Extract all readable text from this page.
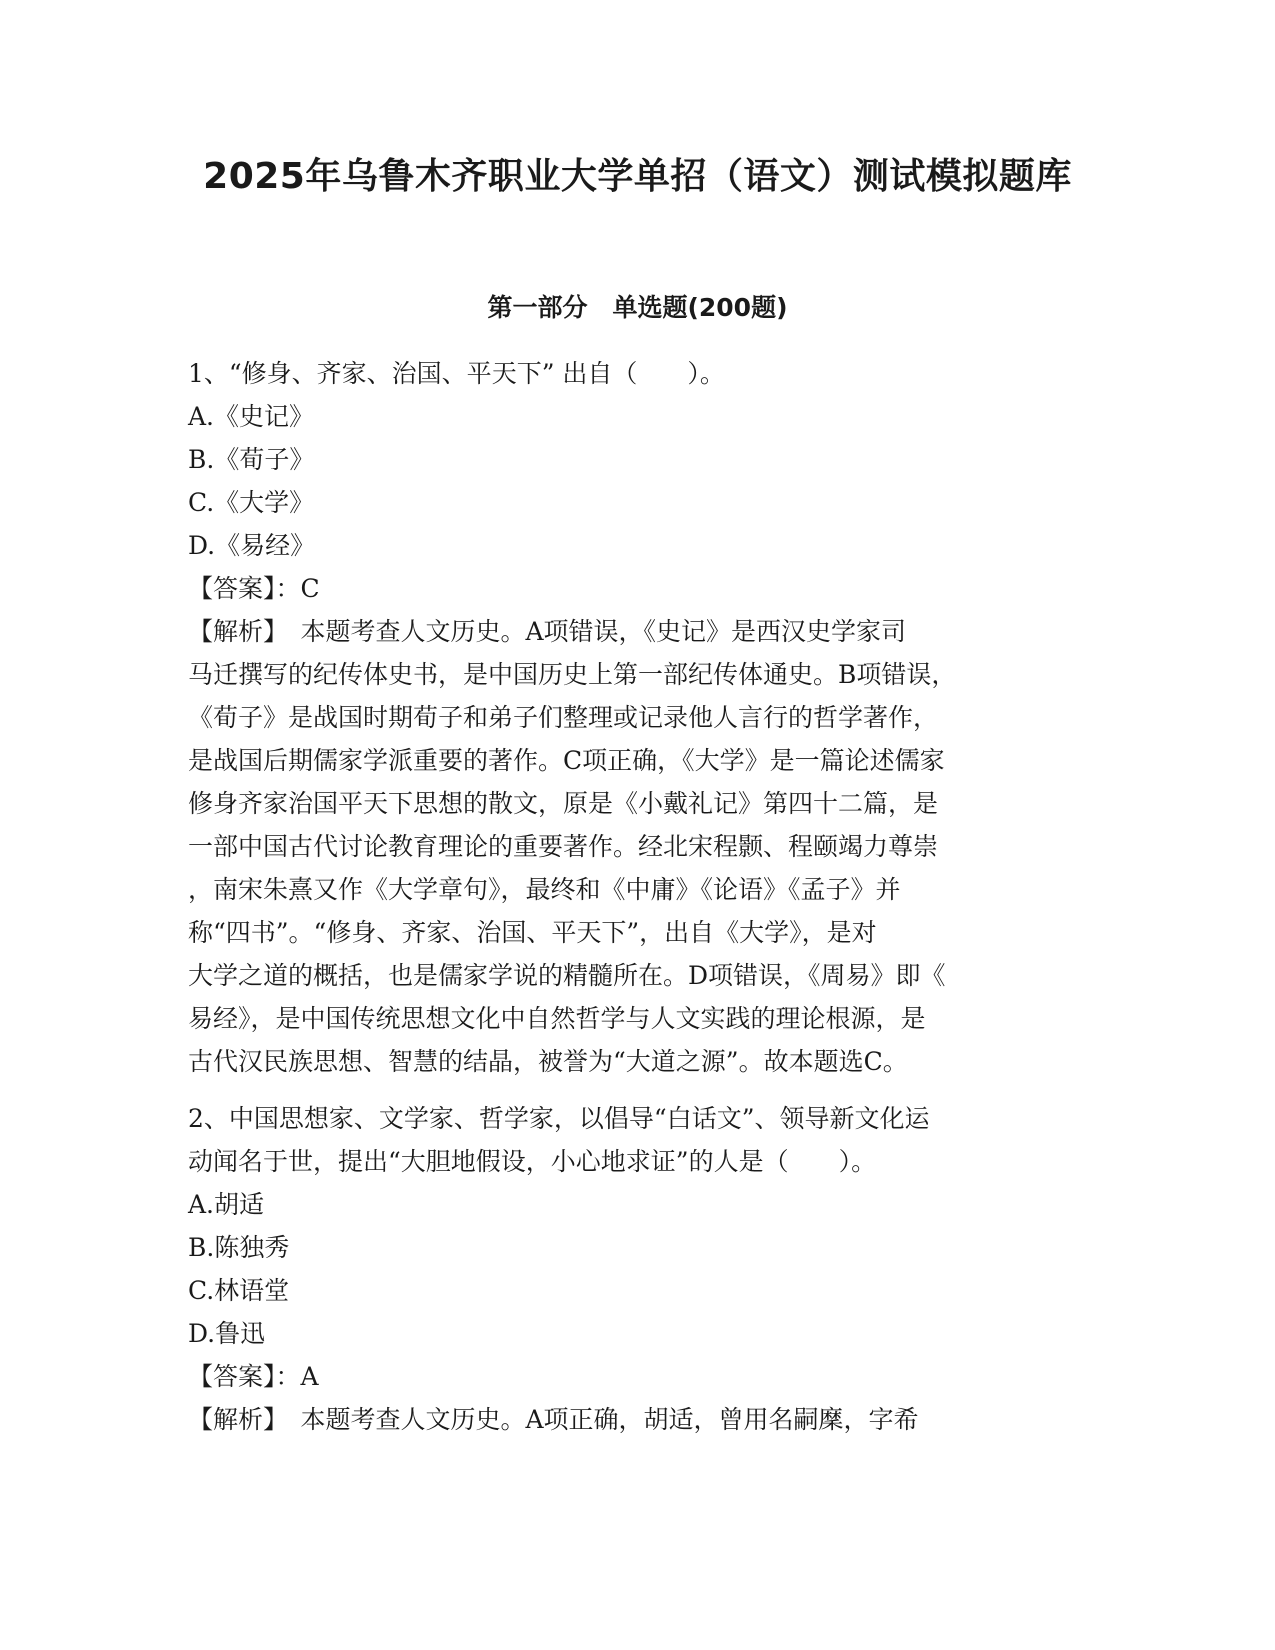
2025年乌鲁木齐职业大学单招（语文）测试模拟题库
第一部分　单选题(200题)
1、“修身、齐家、治国、平天下” 出自（　　）。
A.《史记》
B.《荀子》
C.《大学》
D.《易经》
【答案】：C
【解析】　本题考查人文历史。A项错误，《史记》是西汉史学家司
马迁撰写的纪传体史书，是中国历史上第一部纪传体通史。B项错误，
《荀子》是战国时期荀子和弟子们整理或记录他人言行的哲学著作，
是战国后期儒家学派重要的著作。C项正确，《大学》是一篇论述儒家
修身齐家治国平天下思想的散文，原是《小戴礼记》第四十二篇，是
一部中国古代讨论教育理论的重要著作。经北宋程颢、程颐竭力尊崇
，南宋朱熹又作《大学章句》，最终和《中庸》《论语》《孟子》并
称“四书”。“修身、齐家、治国、平天下”，出自《大学》，是对
大学之道的概括，也是儒家学说的精髓所在。D项错误，《周易》即《
易经》，是中国传统思想文化中自然哲学与人文实践的理论根源，是
古代汉民族思想、智慧的结晶，被誉为“大道之源”。故本题选C。
2、中国思想家、文学家、哲学家，以倡导“白话文”、领导新文化运
动闻名于世，提出“大胆地假设，小心地求证”的人是（　　）。
A.胡适
B.陈独秀
C.林语堂
D.鲁迅
【答案】：A
【解析】　本题考查人文历史。A项正确，胡适，曾用名嗣穈，字希
